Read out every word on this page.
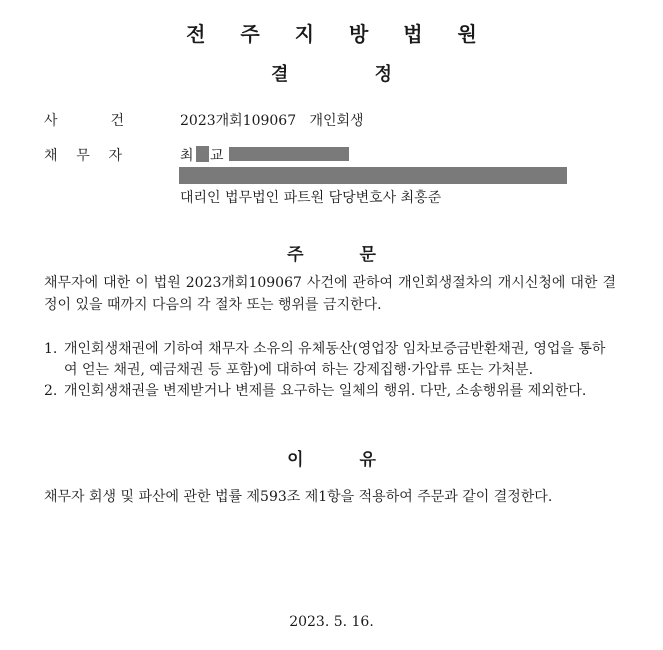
전 주 지 방 법 원
결 정
사	건	2023개회109067   개인회생
채 무 자	최 교
대리인 법무법인 파트원 담당변호사 최홍준
주 문
채무자에 대한 이 법원 2023개회109067 사건에 관하여 개인회생절차의 개시신청에 대한 결정이 있을 때까지 다음의 각 절차 또는 행위를 금지한다.
1. 개인회생채권에 기하여 채무자 소유의 유체동산(영업장 임차보증금반환채권, 영업을 통하여 얻는 채권, 예금채권 등 포함)에 대하여 하는 강제집행·가압류 또는 가처분.
2. 개인회생채권을 변제받거나 변제를 요구하는 일체의 행위. 다만, 소송행위를 제외한다.
이 유
채무자 회생 및 파산에 관한 법률 제593조 제1항을 적용하여 주문과 같이 결정한다.
2023. 5. 16.
